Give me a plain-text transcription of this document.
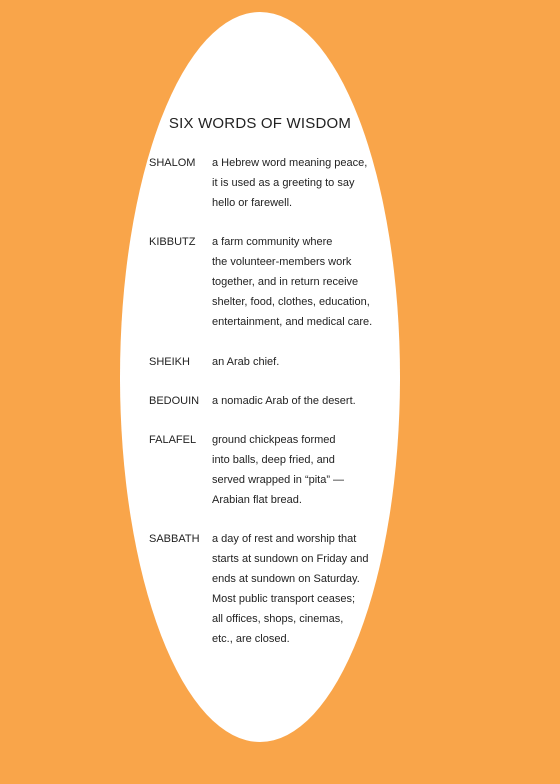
SIX WORDS OF WISDOM
SHALOM	a Hebrew word meaning peace,
it is used as a greeting to say
hello or farewell.
KIBBUTZ	a farm community where
the volunteer-members work
together, and in return receive
shelter, food, clothes, education,
entertainment, and medical care.
SHEIKH	an Arab chief.
BEDOUIN	a nomadic Arab of the desert.
FALAFEL	ground chickpeas formed
into balls, deep fried, and
served wrapped in “pita” —
Arabian flat bread.
SABBATH	a day of rest and worship that
starts at sundown on Friday and
ends at sundown on Saturday.
Most public transport ceases;
all offices, shops, cinemas,
etc., are closed.
